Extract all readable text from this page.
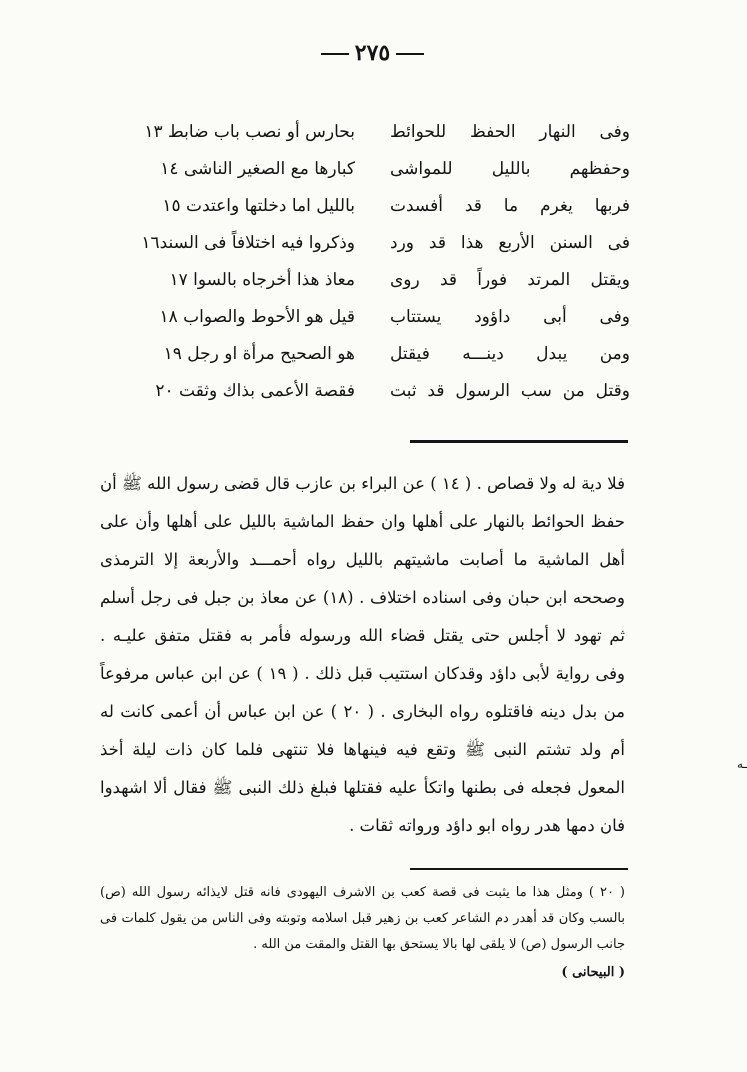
٢٧٥
وفى النهار الحفظ للحوائط
بحارس أو نصب باب ضابط ١٣
وحفظهم بالليل للمواشى
كبارها مع الصغير الناشى ١٤
فربها يغرم ما قد أفسدت
بالليل اما دخلتها واعتدت ١٥
فى السنن الأربع هذا قد ورد
وذكروا فيه اختلافاً فى السند١٦
ويقتل المرتد فوراً قد روى
معاذ هذا أخرجاه بالسوا ١٧
وفى أبى داؤود يستتاب
قيل هو الأحوط والصواب ١٨
ومن يبدل دينـــه فيقتل
هو الصحيح مرأة او رجل ١٩
وقتل من سب الرسول قد ثبت
فقصة الأعمى بذاك وثقت ٢٠

فلا دية له ولا قصاص . ( ١٤ ) عن البراء بن عازب قال قضى رسول الله ﷺ أن حفظ الحوائط بالنهار على أهلها وان حفظ الماشية بالليل على أهلها وأن على أهل الماشية ما أصابت ماشيتهم بالليل رواه أحمـــد والأربعة إلا الترمذى وصححه ابن حبان وفى اسناده اختلاف . (١٨) عن معاذ بن جبل فى رجل أسلم ثم تهود لا أجلس حتى يقتل قضاء الله ورسوله فأمر به فقتل متفق عليـه . وفى رواية لأبى داؤد وقدكان استتيب قبل ذلك . ( ١٩ ) عن ابن عباس مرفوعاً من بدل دينه فاقتلوه رواه البخارى . ( ٢٠ ) عن ابن عباس أن أعمى كانت له أم ولد تشتم النبى ﷺ وتقع فيه فينهاها فلا تنتهى فلما كان ذات ليلة أخذ المعول فجعله فى بطنها واتكأ عليه فقتلها فبلغ ذلك النبى ﷺ فقال ألا اشهدوا فان دمها هدر رواه ابو داؤد ورواته ثقات .

( ٢٠ ) ومثل هذا ما يثبت فى قصة كعب بن الاشرف اليهودى فانه قتل لايذائه رسول الله (ص) بالسب وكان قد أهدر دم الشاعر كعب بن زهير قبل اسلامه وتوبته وفى الناس من يقول كلمات فى جانب الرسول (ص) لا يلقى لها بالا يستحق بها القتل والمقت من الله .
( البيحانى )
ـه
